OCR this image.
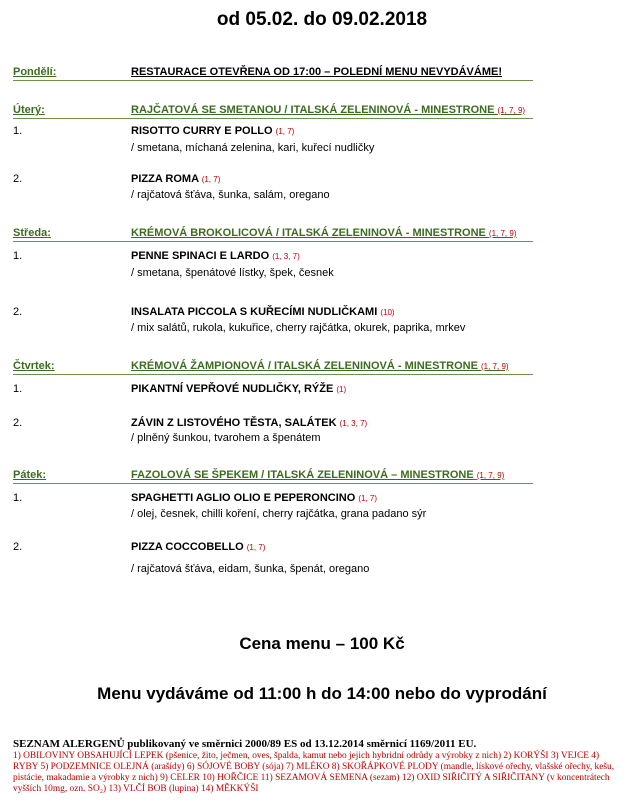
od 05.02. do 09.02.2018
Pondělí:	RESTAURACE OTEVŘENA OD 17:00 – POLEDNÍ MENU NEVYDÁVÁME!
Úterý:	RAJČATOVÁ SE SMETANOU / ITALSKÁ ZELENINOVÁ - MINESTRONE (1, 7, 9)
1.	RISOTTO CURRY E POLLO (1, 7)
/ smetana, míchaná zelenina, kari, kuřecí nudličky
2.	PIZZA ROMA (1, 7)
/ rajčatová šťáva, šunka, salám, oregano
Středa:	KRÉMOVÁ BROKOLICOVÁ / ITALSKÁ ZELENINOVÁ - MINESTRONE (1, 7, 9)
1.	PENNE SPINACI E LARDO (1, 3, 7)
/ smetana, špenátové lístky, špek, česnek
2.	INSALATA PICCOLA S KUŘECÍMI NUDLIČKAMI (10)
/ mix salátů, rukola, kukuřice, cherry rajčátka, okurek, paprika, mrkev
Čtvrtek:	KRÉMOVÁ ŽAMPIONOVÁ / ITALSKÁ ZELENINOVÁ - MINESTRONE (1, 7, 9)
1.	PIKANTNÍ VEPŘOVÉ NUDLIČKY, RÝŽE (1)
2.	ZÁVIN Z LISTOVÉHO TĚSTA, SALÁTEK (1, 3, 7)
/ plněný šunkou, tvarohem a špenátem
Pátek:	FAZOLOVÁ SE ŠPEKEM / ITALSKÁ ZELENINOVÁ – MINESTRONE (1, 7, 9)
1.	SPAGHETTI AGLIO OLIO E PEPERONCINO (1, 7)
/ olej, česnek, chilli koření, cherry rajčátka, grana padano sýr
2.	PIZZA COCCOBELLO (1, 7)
/ rajčatová šťáva, eidam, šunka, špenát, oregano
Cena menu – 100 Kč
Menu vydáváme od 11:00 h do 14:00 nebo do vyprodání
SEZNAM ALERGENŮ publikovaný ve směrnici 2000/89 ES od 13.12.2014 směrnicí 1169/2011 EU.
1) OBILOVINY OBSAHUJÍCÍ LEPEK (pšenice, žito, ječmen, oves, špalda, kamut nebo jejich hybridní odrůdy a výrobky z nich) 2) KORÝŠI 3) VEJCE 4) RYBY 5) PODZEMNICE OLEJNÁ (arašídy) 6) SÓJOVÉ BOBY (sója) 7) MLÉKO 8) SKOŘÁPKOVÉ PLODY (mandle, lískové ořechy, vlašské ořechy, kešu, pistácie, makadamie a výrobky z nich) 9) CELER 10) HOŘČICE 11) SEZAMOVÁ SEMENA (sezam) 12) OXID SIŘIČITÝ A SIŘIČITANY (v koncentrátech vyšších 10mg, ozn. SO₂) 13) VLČÍ BOB (lupina) 14) MĚKKÝŠI
